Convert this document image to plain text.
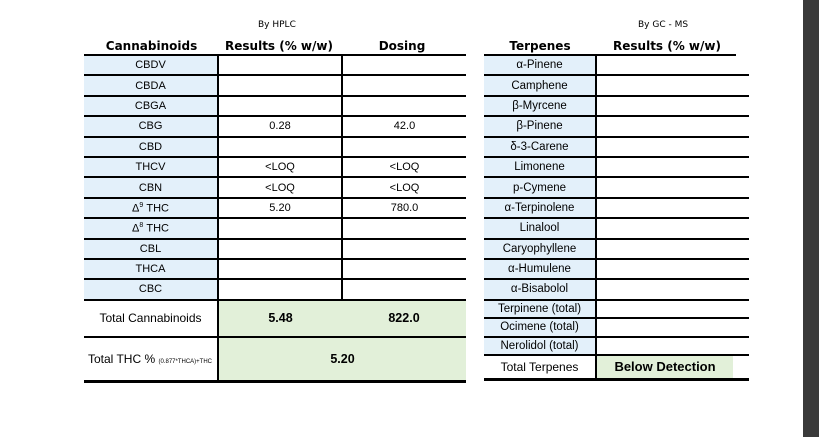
By HPLC
Cannabinoids	Results (% w/w)	Dosing
CBDV		
CBDA		
CBGA		
CBG	0.28	42.0
CBD		
THCV	<LOQ	<LOQ
CBN	<LOQ	<LOQ
$\Delta^9$ THC	5.20	780.0
$\Delta^8$ THC		
CBL		
THCA		
CBC		
Total Cannabinoids	5.48	822.0
Total THC % (0.877*THCA)+THC	5.20	
By GC - MS
Terpenes	Results (% w/w)
α-Pinene	
Camphene	
β-Myrcene	
β-Pinene	
δ-3-Carene	
Limonene	
p-Cymene	
α-Terpinolene	
Linalool	
Caryophyllene	
α-Humulene	
α-Bisabolol	
Terpinene (total)	
Ocimene (total)	
Nerolidol (total)	
Total Terpenes	Below Detection
